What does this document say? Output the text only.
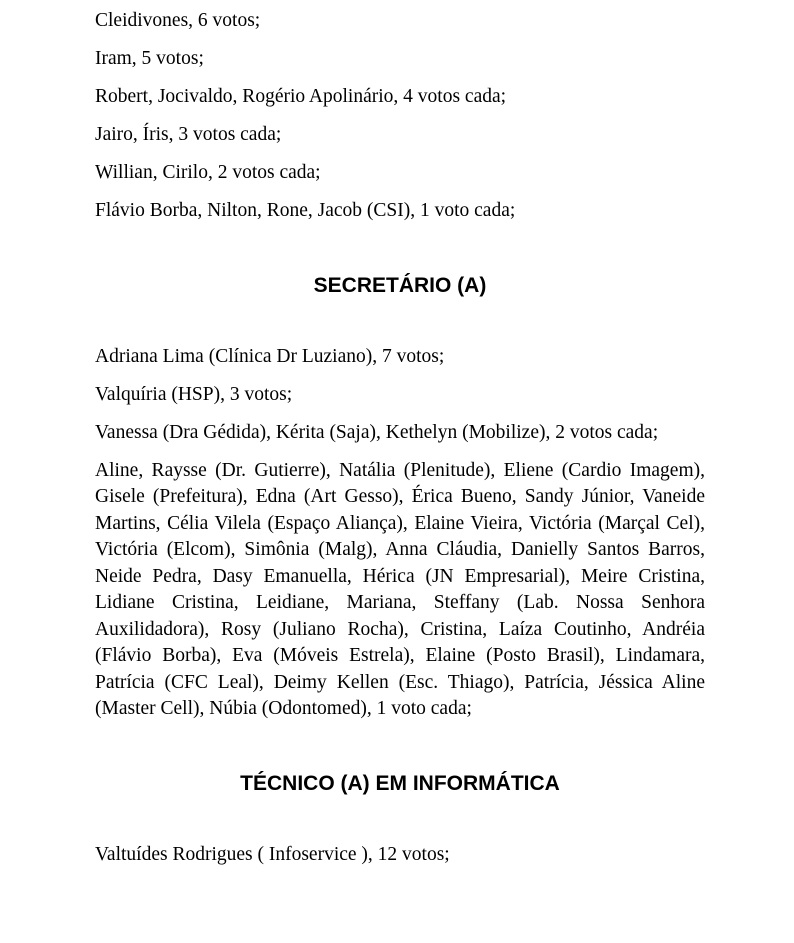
Cleidivones, 6 votos;

Iram, 5 votos;

Robert, Jocivaldo, Rogério Apolinário, 4 votos cada;

Jairo, Íris, 3 votos cada;

Willian, Cirilo, 2 votos cada;

Flávio Borba, Nilton, Rone, Jacob (CSI), 1 voto cada;

SECRETÁRIO (A)

Adriana Lima (Clínica Dr Luziano), 7 votos;

Valquíria (HSP), 3 votos;

Vanessa (Dra Gédida), Kérita (Saja), Kethelyn (Mobilize), 2 votos cada;

Aline, Raysse (Dr. Gutierre), Natália (Plenitude), Eliene (Cardio Imagem), Gisele (Prefeitura), Edna (Art Gesso), Érica Bueno, Sandy Júnior, Vaneide Martins, Célia Vilela (Espaço Aliança), Elaine Vieira, Victória (Marçal Cel), Victória (Elcom), Simônia (Malg), Anna Cláudia, Danielly Santos Barros, Neide Pedra, Dasy Emanuella, Hérica (JN Empresarial), Meire Cristina, Lidiane Cristina, Leidiane, Mariana, Steffany (Lab. Nossa Senhora Auxilidadora), Rosy (Juliano Rocha), Cristina, Laíza Coutinho, Andréia (Flávio Borba), Eva (Móveis Estrela), Elaine (Posto Brasil), Lindamara, Patrícia (CFC Leal), Deimy Kellen (Esc. Thiago), Patrícia, Jéssica Aline (Master Cell), Núbia (Odontomed), 1 voto cada;

TÉCNICO (A) EM INFORMÁTICA

Valtuídes Rodrigues ( Infoservice ), 12 votos;
